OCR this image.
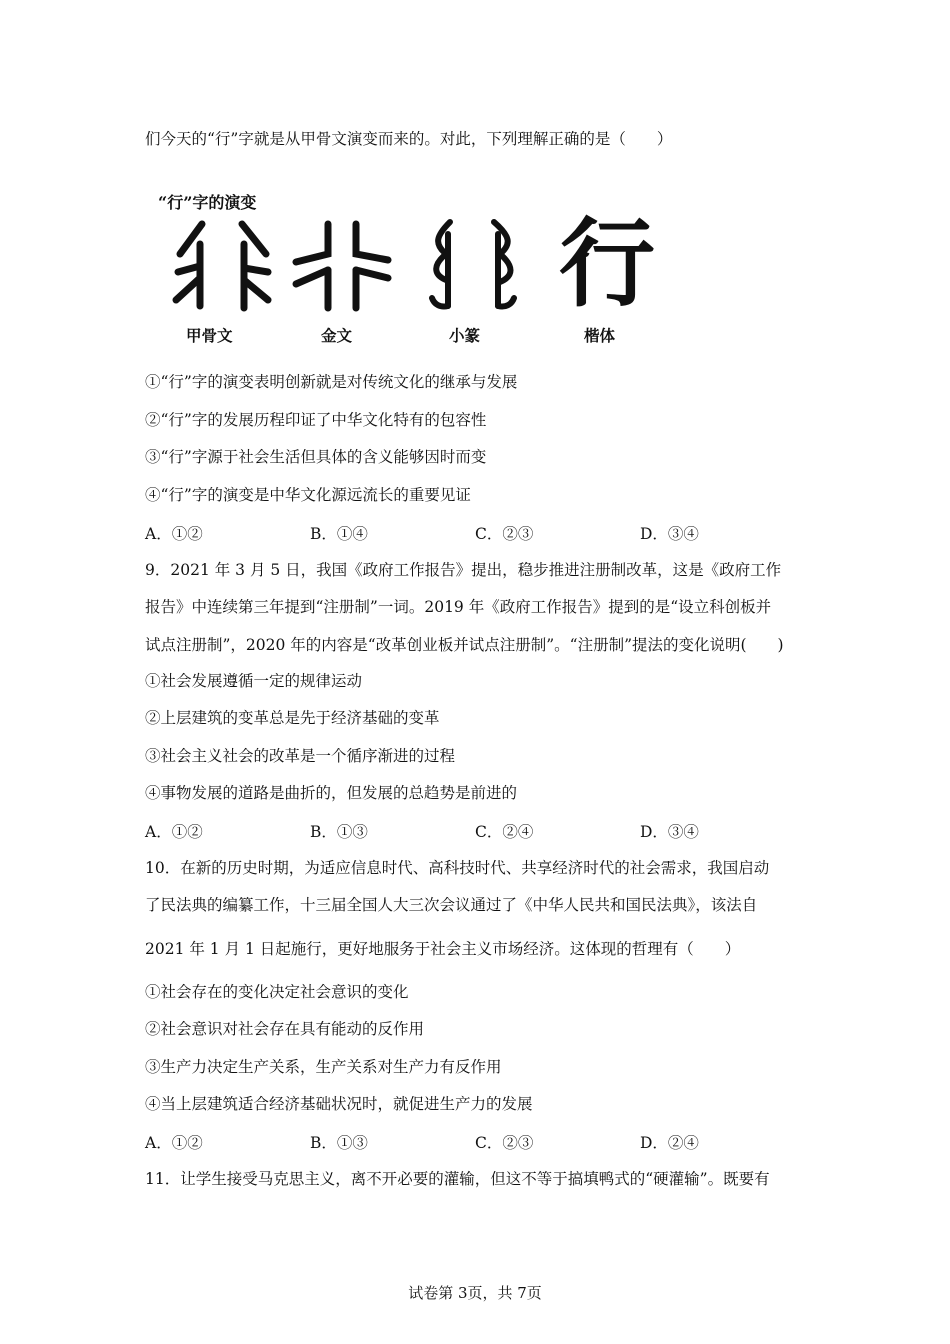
们今天的“行”字就是从甲骨文演变而来的。对此，下列理解正确的是（　　）
“行”字的演变
行
甲骨文	金文	小篆	楷体
①“行”字的演变表明创新就是对传统文化的继承与发展
②“行”字的发展历程印证了中华文化特有的包容性
③“行”字源于社会生活但具体的含义能够因时而变
④“行”字的演变是中华文化源远流长的重要见证
A．①②	B．①④	C．②③	D．③④
9．2021 年 3 月 5 日，我国《政府工作报告》提出，稳步推进注册制改革，这是《政府工作
报告》中连续第三年提到“注册制”一词。2019 年《政府工作报告》提到的是“设立科创板并
试点注册制”，2020 年的内容是“改革创业板并试点注册制”。“注册制”提法的变化说明(　　)
①社会发展遵循一定的规律运动
②上层建筑的变革总是先于经济基础的变革
③社会主义社会的改革是一个循序渐进的过程
④事物发展的道路是曲折的，但发展的总趋势是前进的
A．①②	B．①③	C．②④	D．③④
10．在新的历史时期，为适应信息时代、高科技时代、共享经济时代的社会需求，我国启动
了民法典的编纂工作，十三届全国人大三次会议通过了《中华人民共和国民法典》，该法自
2021 年 1 月 1 日起施行，更好地服务于社会主义市场经济。这体现的哲理有（　　）
①社会存在的变化决定社会意识的变化
②社会意识对社会存在具有能动的反作用
③生产力决定生产关系，生产关系对生产力有反作用
④当上层建筑适合经济基础状况时，就促进生产力的发展
A．①②	B．①③	C．②③	D．②④
11．让学生接受马克思主义，离不开必要的灌输，但这不等于搞填鸭式的“硬灌输”。既要有
试卷第 3页，共 7页
